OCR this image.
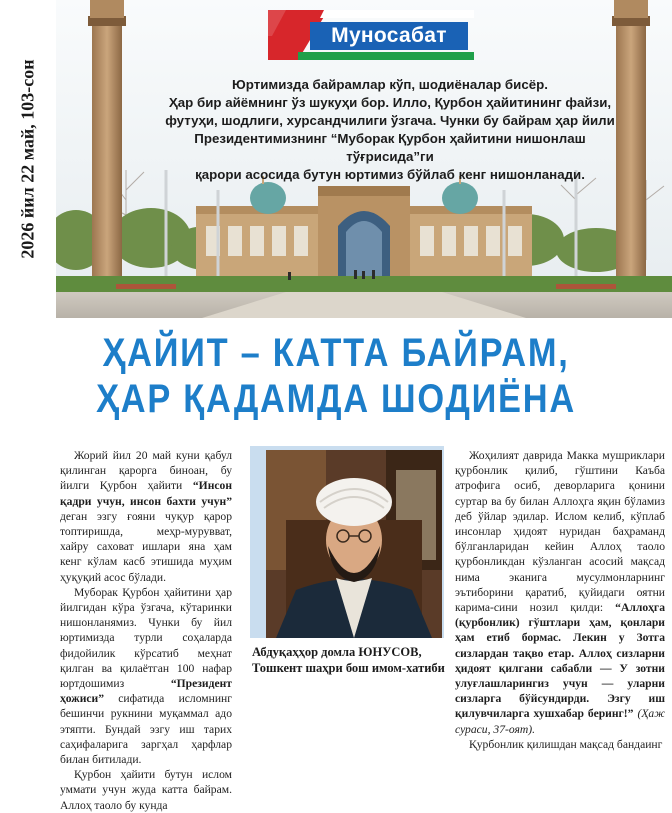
2026 йил 22 май, 103-сон
Муносабат

Юртимизда байрамлар кўп, шодиёналар бисёр.

Ҳар бир айёмнинг ўз шукуҳи бор. Илло, Қурбон ҳайитининг файзи,

футуҳи, шодлиги, хурсандчилиги ўзгача. Чунки бу байрам ҳар йили

Президентимизнинг “Муборак Қурбон ҳайитини нишонлаш тўғрисида”ги

қарори асосида бутун юртимиз бўйлаб кенг нишонланади.

ҲАЙИТ – КАТТА БАЙРАМ,
ҲАР ҚАДАМДА ШОДИЁНА

Жорий йил 20 май куни қабул қилинган қарорга биноан, бу йилги Қурбон ҳайити “Инсон қадри учун, инсон бахти учун” деган эзгу ғояни чуқур қарор топтиришда, меҳр-мурувват, хайру саховат ишлари яна ҳам кенг кўлам касб этишида муҳим ҳуқуқий асос бўлади.

Муборак Қурбон ҳайитини ҳар йилгидан кўра ўзгача, кўтаринки нишонланямиз. Чунки бу йил юртимизда турли соҳаларда фидойилик кўрсатиб меҳнат қилган ва қилаётган 100 нафар юртдошимиз “Президент ҳожиси” сифатида исломнинг бешинчи рукнини муқаммал адо этяпти. Бундай эзгу иш тарих саҳифаларига заргҳал ҳарфлар билан битилади.

Қурбон ҳайити бутун ислом уммати учун жуда катта байрам. Аллоҳ таоло бу кунда

Абдуқаҳҳор домла ЮНУСОВ,
Тошкент шаҳри бош имом-хатиби

Жоҳилият даврида Макка мушриклари қурбонлик қилиб, гўштини Каъба атрофига осиб, деворларига қонини суртар ва бу билан Аллоҳга яқин бўламиз деб ўйлар эдилар. Ислом келиб, кўплаб инсонлар ҳидоят нуридан баҳраманд бўлганларидан кейин Аллоҳ таоло қурбонликдан кўзланган асосий мақсад нима эканига мусулмонларнинг эътиборини қаратиб, қуйидаги оятни карима-сини нозил қилди: “Аллоҳга (қурбонлик) гўштлари ҳам, қонлари ҳам етиб бормас. Лекин у Зотга сизлардан тақво етар. Аллоҳ сизларни ҳидоят қилгани сабабли — У зотни улуғлашларингиз учун — уларни сизларга бўйсундирди. Эзгу иш қилувчиларга хушхабар беринг!” (Ҳаж сураси, 37-оят).

Қурбонлик қилишдан мақсад бандаинг
